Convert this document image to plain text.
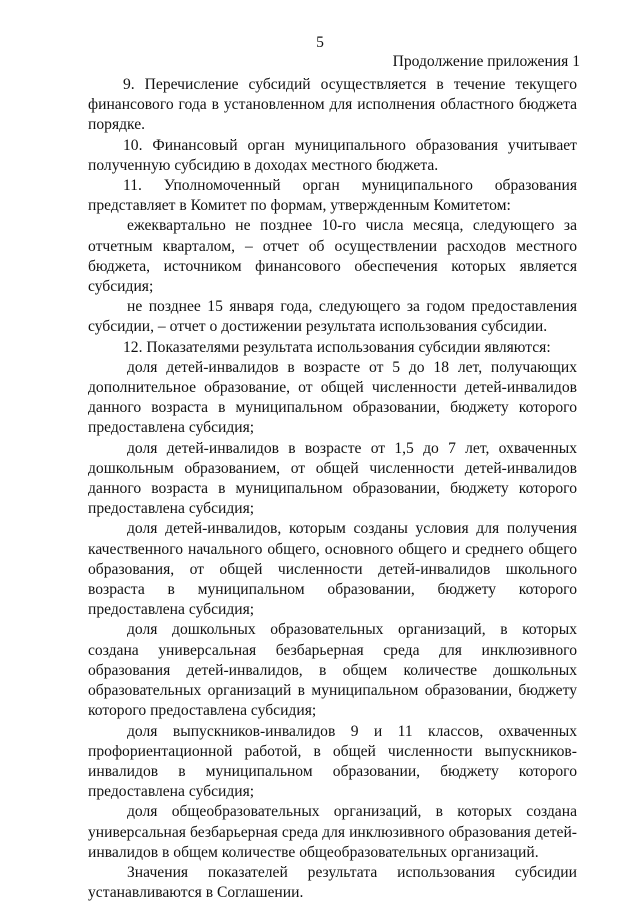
5
Продолжение приложения 1

9. Перечисление субсидий осуществляется в течение текущего финансового года в установленном для исполнения областного бюджета порядке.

10. Финансовый орган муниципального образования учитывает полученную субсидию в доходах местного бюджета.

11. Уполномоченный орган муниципального образования представляет в Комитет по формам, утвержденным Комитетом:

ежеквартально не позднее 10-го числа месяца, следующего за отчетным кварталом, – отчет об осуществлении расходов местного бюджета, источником финансового обеспечения которых является субсидия;

не позднее 15 января года, следующего за годом предоставления субсидии, – отчет о достижении результата использования субсидии.

12. Показателями результата использования субсидии являются:

доля детей-инвалидов в возрасте от 5 до 18 лет, получающих дополнительное образование, от общей численности детей-инвалидов данного возраста в муниципальном образовании, бюджету которого предоставлена субсидия;

доля детей-инвалидов в возрасте от 1,5 до 7 лет, охваченных дошкольным образованием, от общей численности детей-инвалидов данного возраста в муниципальном образовании, бюджету которого предоставлена субсидия;

доля детей-инвалидов, которым созданы условия для получения качественного начального общего, основного общего и среднего общего образования, от общей численности детей-инвалидов школьного возраста в муниципальном образовании, бюджету которого предоставлена субсидия;

доля дошкольных образовательных организаций, в которых создана универсальная безбарьерная среда для инклюзивного образования детей-инвалидов, в общем количестве дошкольных образовательных организаций в муниципальном образовании, бюджету которого предоставлена субсидия;

доля выпускников-инвалидов 9 и 11 классов, охваченных профориентационной работой, в общей численности выпускников-инвалидов в муниципальном образовании, бюджету которого предоставлена субсидия;

доля общеобразовательных организаций, в которых создана универсальная безбарьерная среда для инклюзивного образования детей-инвалидов в общем количестве общеобразовательных организаций.

Значения показателей результата использования субсидии устанавливаются в Соглашении.
